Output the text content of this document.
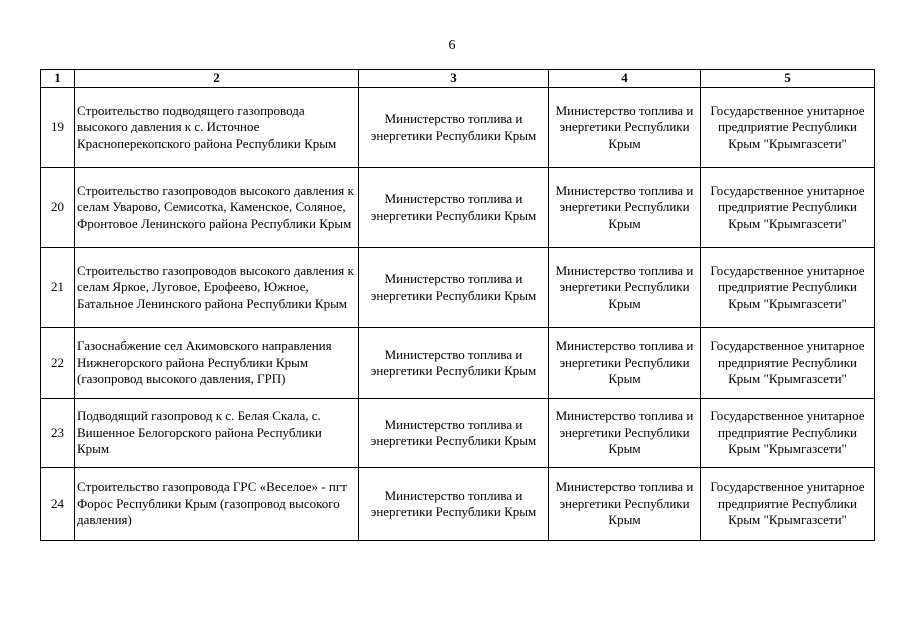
6
1	2	3	4	5
19	Строительство подводящего газопровода высокого давления к с. Источное Красноперекопского района Республики Крым	Министерство топлива и энергетики Республики Крым	Министерство топлива и энергетики Республики Крым	Государственное унитарное предприятие Республики Крым "Крымгазсети"
20	Строительство газопроводов высокого давления к селам Уварово, Семисотка, Каменское, Соляное, Фронтовое Ленинского района Республики Крым	Министерство топлива и энергетики Республики Крым	Министерство топлива и энергетики Республики Крым	Государственное унитарное предприятие Республики Крым "Крымгазсети"
21	Строительство газопроводов высокого давления к селам Яркое, Луговое, Ерофеево, Южное, Батальное Ленинского района Республики Крым	Министерство топлива и энергетики Республики Крым	Министерство топлива и энергетики Республики Крым	Государственное унитарное предприятие Республики Крым "Крымгазсети"
22	Газоснабжение сел Акимовского направления Нижнегорского района Республики Крым (газопровод высокого давления, ГРП)	Министерство топлива и энергетики Республики Крым	Министерство топлива и энергетики Республики Крым	Государственное унитарное предприятие Республики Крым "Крымгазсети"
23	Подводящий газопровод к с. Белая Скала, с. Вишенное Белогорского района Республики Крым	Министерство топлива и энергетики Республики Крым	Министерство топлива и энергетики Республики Крым	Государственное унитарное предприятие Республики Крым "Крымгазсети"
24	Строительство газопровода ГРС «Веселое» - пгт Форос Республики Крым (газопровод высокого давления)	Министерство топлива и энергетики Республики Крым	Министерство топлива и энергетики Республики Крым	Государственное унитарное предприятие Республики Крым "Крымгазсети"
